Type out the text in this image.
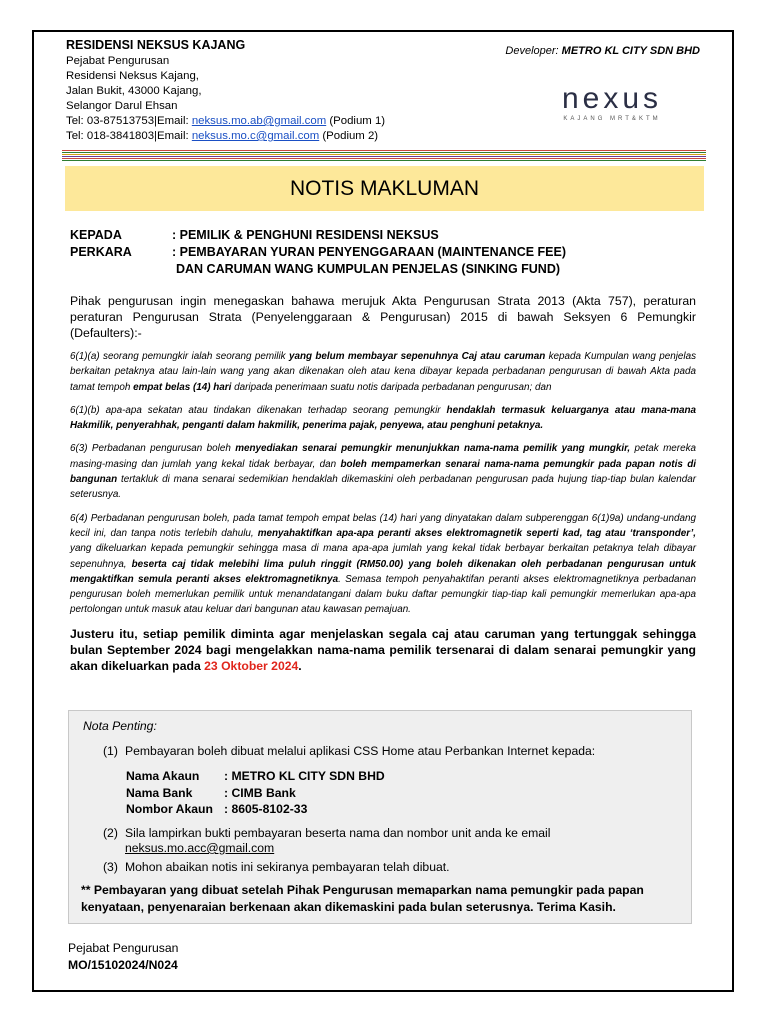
RESIDENSI NEKSUS KAJANG
Pejabat Pengurusan
Residensi Neksus Kajang,
Jalan Bukit, 43000 Kajang,
Selangor Darul Ehsan
Tel: 03-87513753|Email: neksus.mo.ab@gmail.com (Podium 1)
Tel: 018-3841803|Email: neksus.mo.c@gmail.com (Podium 2)
Developer: METRO KL CITY SDN BHD
nexus
KAJANG MRT&KTM
NOTIS MAKLUMAN
KEPADA	: PEMILIK & PENGHUNI RESIDENSI NEKSUS
PERKARA	: PEMBAYARAN YURAN PENYENGGARAAN (MAINTENANCE FEE)
DAN CARUMAN WANG KUMPULAN PENJELAS (SINKING FUND)

Pihak pengurusan ingin menegaskan bahawa merujuk Akta Pengurusan Strata 2013 (Akta 757), peraturan peraturan Pengurusan Strata (Penyelenggaraan & Pengurusan) 2015 di bawah Seksyen 6 Pemungkir (Defaulters):-

6(1)(a) seorang pemungkir ialah seorang pemilik yang belum membayar sepenuhnya Caj atau caruman kepada Kumpulan wang penjelas berkaitan petaknya atau lain-lain wang yang akan dikenakan oleh atau kena dibayar kepada perbadanan pengurusan di bawah Akta pada tamat tempoh empat belas (14) hari daripada penerimaan suatu notis daripada perbadanan pengurusan; dan

6(1)(b) apa-apa sekatan atau tindakan dikenakan terhadap seorang pemungkir hendaklah termasuk keluarganya atau mana-mana Hakmilik, penyerahhak, penganti dalam hakmilik, penerima pajak, penyewa, atau penghuni petaknya.

6(3) Perbadanan pengurusan boleh menyediakan senarai pemungkir menunjukkan nama-nama pemilik yang mungkir, petak mereka masing-masing dan jumlah yang kekal tidak berbayar, dan boleh mempamerkan senarai nama-nama pemungkir pada papan notis di bangunan tertakluk di mana senarai sedemikian hendaklah dikemaskini oleh perbadanan pengurusan pada hujung tiap-tiap bulan kalendar seterusnya.

6(4) Perbadanan pengurusan boleh, pada tamat tempoh empat belas (14) hari yang dinyatakan dalam subperenggan 6(1)9a) undang-undang kecil ini, dan tanpa notis terlebih dahulu, menyahaktifkan apa-apa peranti akses elektromagnetik seperti kad, tag atau ‘transponder’, yang dikeluarkan kepada pemungkir sehingga masa di mana apa-apa jumlah yang kekal tidak berbayar berkaitan petaknya telah dibayar sepenuhnya, beserta caj tidak melebihi lima puluh ringgit (RM50.00) yang boleh dikenakan oleh perbadanan pengurusan untuk mengaktifkan semula peranti akses elektromagnetiknya. Semasa tempoh penyahaktifan peranti akses elektromagnetiknya perbadanan pengurusan boleh memerlukan pemilik untuk menandatangani dalam buku daftar pemungkir tiap-tiap kali pemungkir memerlukan apa-apa pertolongan untuk masuk atau keluar dari bangunan atau kawasan pemajuan.

Justeru itu, setiap pemilik diminta agar menjelaskan segala caj atau caruman yang tertunggak sehingga bulan September 2024 bagi mengelakkan nama-nama pemilik tersenarai di dalam senarai pemungkir yang akan dikeluarkan pada 23 Oktober 2024.

Nota Penting:
(1) Pembayaran boleh dibuat melalui aplikasi CSS Home atau Perbankan Internet kepada:
Nama Akaun : METRO KL CITY SDN BHD
Nama Bank	: CIMB Bank
Nombor Akaun : 8605-8102-33
(2) Sila lampirkan bukti pembayaran beserta nama dan nombor unit anda ke email
neksus.mo.acc@gmail.com
(3) Mohon abaikan notis ini sekiranya pembayaran telah dibuat.
** Pembayaran yang dibuat setelah Pihak Pengurusan memaparkan nama pemungkir pada papan kenyataan, penyenaraian berkenaan akan dikemaskini pada bulan seterusnya. Terima Kasih.
Pejabat Pengurusan
MO/15102024/N024
